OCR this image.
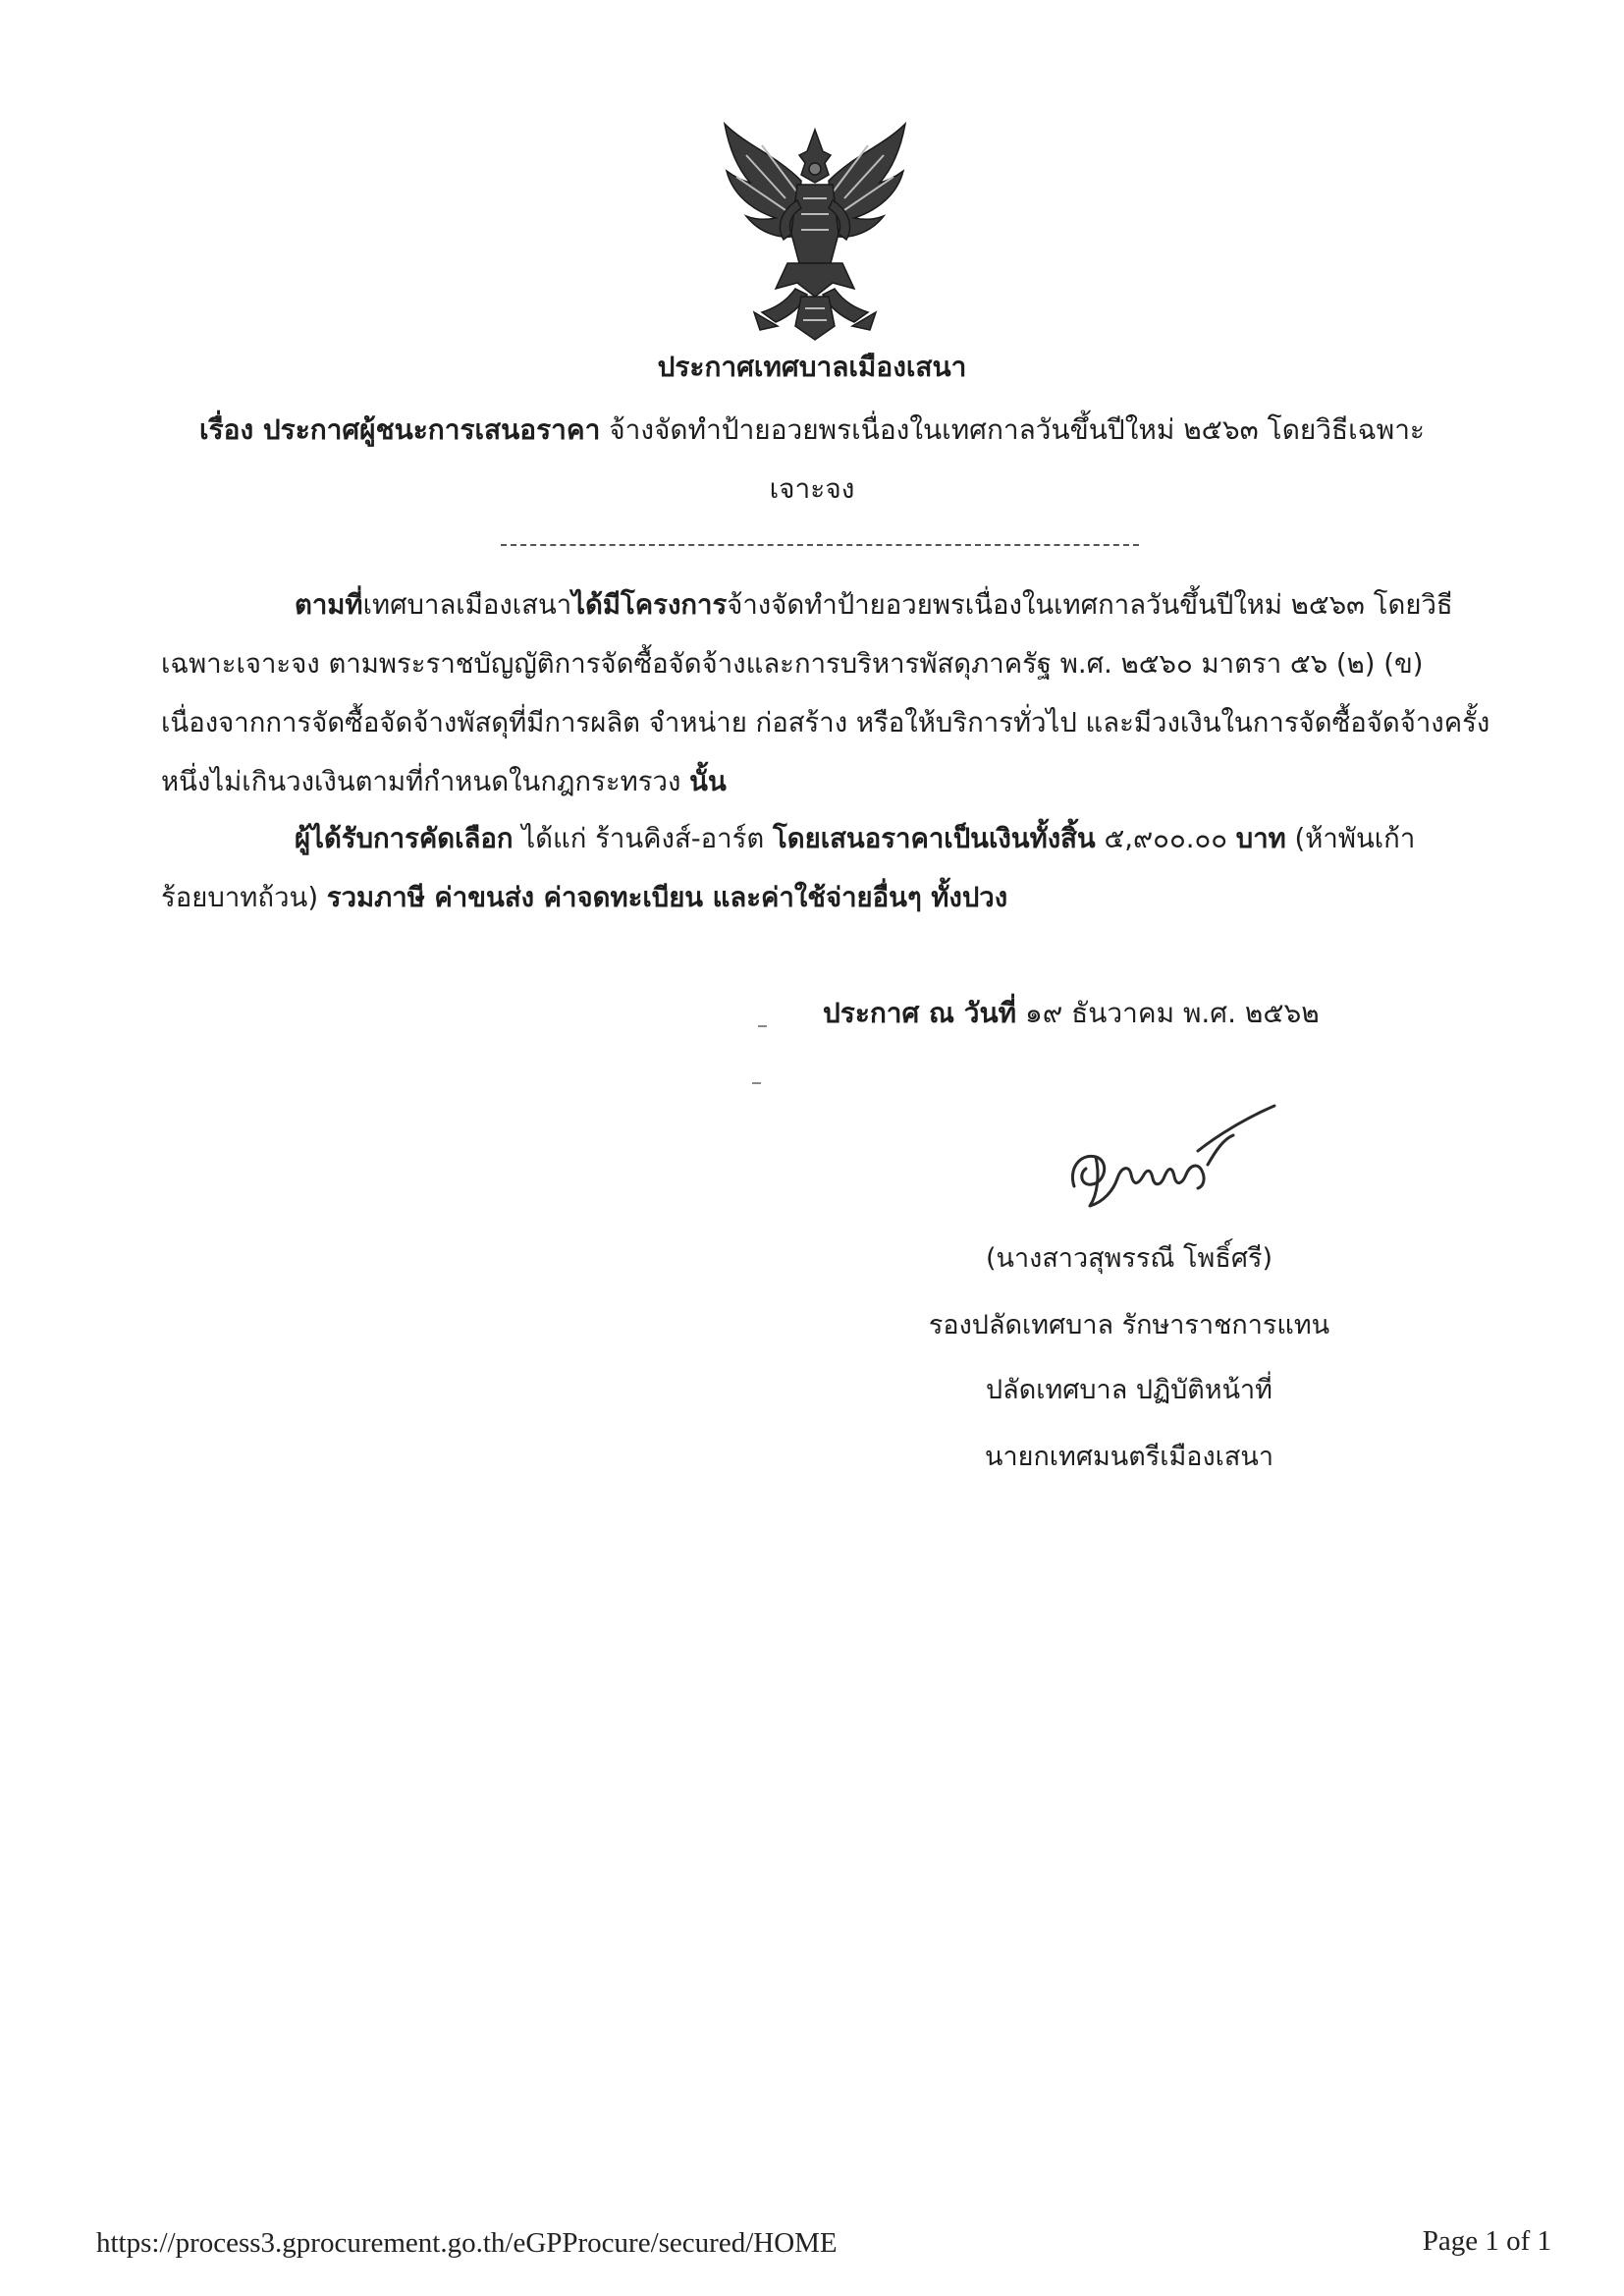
ประกาศเทศบาลเมืองเสนา
เรื่อง ประกาศผู้ชนะการเสนอราคา จ้างจัดทำป้ายอวยพรเนื่องในเทศกาลวันขึ้นปีใหม่ ๒๕๖๓ โดยวิธีเฉพาะ
เจาะจง
ตามที่เทศบาลเมืองเสนาได้มีโครงการจ้างจัดทำป้ายอวยพรเนื่องในเทศกาลวันขึ้นปีใหม่ ๒๕๖๓ โดยวิธี
เฉพาะเจาะจง ตามพระราชบัญญัติการจัดซื้อจัดจ้างและการบริหารพัสดุภาครัฐ พ.ศ. ๒๕๖๐ มาตรา ๕๖ (๒) (ข)
เนื่องจากการจัดซื้อจัดจ้างพัสดุที่มีการผลิต จำหน่าย ก่อสร้าง หรือให้บริการทั่วไป และมีวงเงินในการจัดซื้อจัดจ้างครั้ง
หนึ่งไม่เกินวงเงินตามที่กำหนดในกฎกระทรวง นั้น
ผู้ได้รับการคัดเลือก ได้แก่ ร้านคิงส์-อาร์ต โดยเสนอราคาเป็นเงินทั้งสิ้น ๕,๙๐๐.๐๐ บาท (ห้าพันเก้า
ร้อยบาทถ้วน) รวมภาษี ค่าขนส่ง ค่าจดทะเบียน และค่าใช้จ่ายอื่นๆ ทั้งปวง
ประกาศ ณ วันที่ ๑๙ ธันวาคม พ.ศ. ๒๕๖๒
(นางสาวสุพรรณี โพธิ์ศรี)
รองปลัดเทศบาล รักษาราชการแทน
ปลัดเทศบาล ปฏิบัติหน้าที่
นายกเทศมนตรีเมืองเสนา
https://process3.gprocurement.go.th/eGPProcure/secured/HOME	Page 1 of 1
